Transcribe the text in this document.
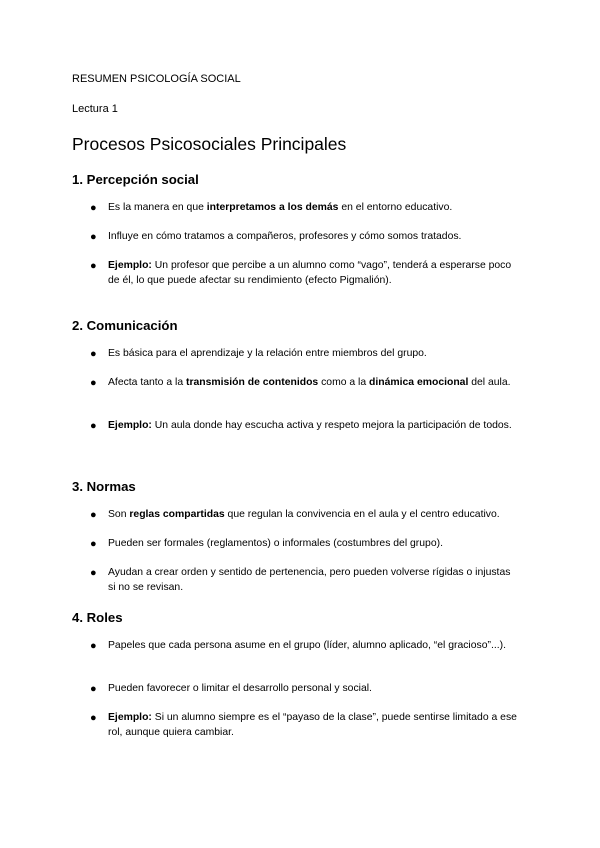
RESUMEN PSICOLOGÍA SOCIAL
Lectura 1
Procesos Psicosociales Principales
1. Percepción social
● Es la manera en que interpretamos a los demás en el entorno educativo.
● Influye en cómo tratamos a compañeros, profesores y cómo somos tratados.
● Ejemplo: Un profesor que percibe a un alumno como “vago”, tenderá a esperarse poco de él, lo que puede afectar su rendimiento (efecto Pigmalión).
2. Comunicación
● Es básica para el aprendizaje y la relación entre miembros del grupo.
● Afecta tanto a la transmisión de contenidos como a la dinámica emocional del aula.
● Ejemplo: Un aula donde hay escucha activa y respeto mejora la participación de todos.
3. Normas
● Son reglas compartidas que regulan la convivencia en el aula y el centro educativo.
● Pueden ser formales (reglamentos) o informales (costumbres del grupo).
● Ayudan a crear orden y sentido de pertenencia, pero pueden volverse rígidas o injustas si no se revisan.
4. Roles
● Papeles que cada persona asume en el grupo (líder, alumno aplicado, “el gracioso”...).
● Pueden favorecer o limitar el desarrollo personal y social.
● Ejemplo: Si un alumno siempre es el “payaso de la clase”, puede sentirse limitado a ese rol, aunque quiera cambiar.
